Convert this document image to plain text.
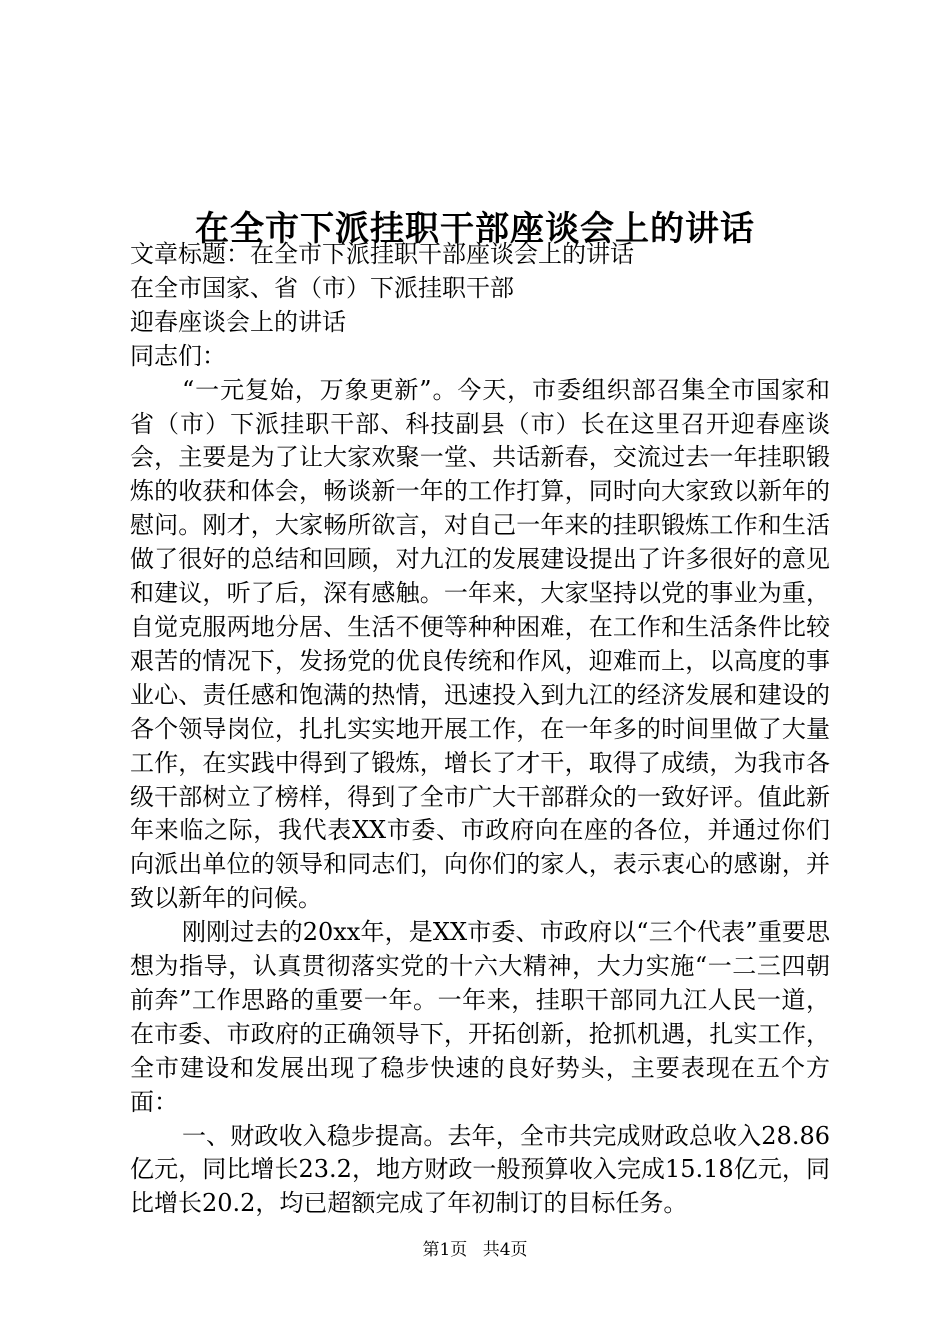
在全市下派挂职干部座谈会上的讲话

文章标题：在全市下派挂职干部座谈会上的讲话

在全市国家、省（市）下派挂职干部

迎春座谈会上的讲话

同志们：

“一元复始，万象更新”。今天，市委组织部召集全市国家和省（市）下派挂职干部、科技副县（市）长在这里召开迎春座谈会，主要是为了让大家欢聚一堂、共话新春，交流过去一年挂职锻炼的收获和体会，畅谈新一年的工作打算，同时向大家致以新年的慰问。刚才，大家畅所欲言，对自己一年来的挂职锻炼工作和生活做了很好的总结和回顾，对九江的发展建设提出了许多很好的意见和建议，听了后，深有感触。一年来，大家坚持以党的事业为重，自觉克服两地分居、生活不便等种种困难，在工作和生活条件比较艰苦的情况下，发扬党的优良传统和作风，迎难而上，以高度的事业心、责任感和饱满的热情，迅速投入到九江的经济发展和建设的各个领导岗位，扎扎实实地开展工作，在一年多的时间里做了大量工作，在实践中得到了锻炼，增长了才干，取得了成绩，为我市各级干部树立了榜样，得到了全市广大干部群众的一致好评。值此新年来临之际，我代表XX市委、市政府向在座的各位，并通过你们向派出单位的领导和同志们，向你们的家人，表示衷心的感谢，并致以新年的问候。

刚刚过去的20xx年，是XX市委、市政府以“三个代表”重要思想为指导，认真贯彻落实党的十六大精神，大力实施“一二三四朝前奔”工作思路的重要一年。一年来，挂职干部同九江人民一道，在市委、市政府的正确领导下，开拓创新，抢抓机遇，扎实工作，全市建设和发展出现了稳步快速的良好势头，主要表现在五个方面：

一、财政收入稳步提高。去年，全市共完成财政总收入28.86亿元，同比增长23.2，地方财政一般预算收入完成15.18亿元，同比增长20.2，均已超额完成了年初制订的目标任务。

第1页 共4页
